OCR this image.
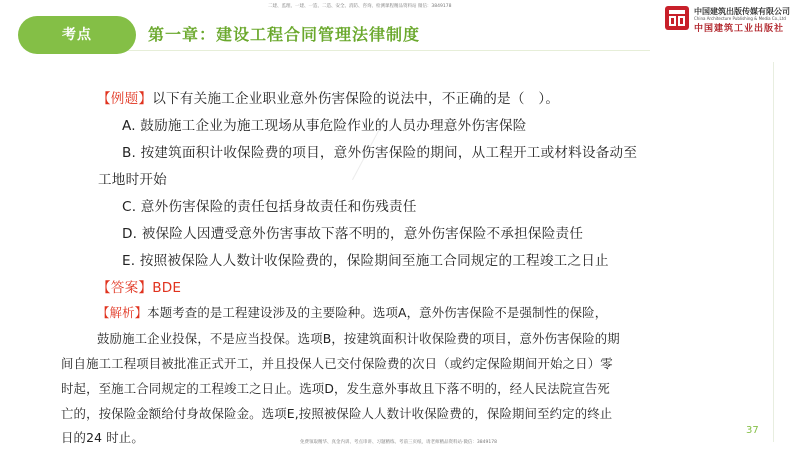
二建、监理、一建、一造、二造、安全、消防、咨询、检测课程精品资料站 微信：3849178
考点	第一章：建设工程合同管理法律制度
中国建筑出版传媒有限公司
China Architecture Publishing & Media Co.,Ltd
中国建筑工业出版社
【例题】以下有关施工企业职业意外伤害保险的说法中，不正确的是（　）。
A. 鼓励施工企业为施工现场从事危险作业的人员办理意外伤害保险
B. 按建筑面积计收保险费的项目，意外伤害保险的期间，从工程开工或材料设备动至
工地时开始
C. 意外伤害保险的责任包括身故责任和伤残责任
D. 被保险人因遭受意外伤害事故下落不明的，意外伤害保险不承担保险责任
E. 按照被保险人人数计收保险费的，保险期间至施工合同规定的工程竣工之日止
【答案】BDE
【解析】本题考查的是工程建设涉及的主要险种。选项A，意外伤害保险不是强制性的保险，
鼓励施工企业投保，不是应当投保。选项B，按建筑面积计收保险费的项目，意外伤害保险的期
间自施工工程项目被批准正式开工，并且投保人已交付保险费的次日（或约定保险期间开始之日）零
时起，至施工合同规定的工程竣工之日止。选项D，发生意外事故且下落不明的，经人民法院宣告死
亡的，按保险金额给付身故保险金。选项E,按照被保险人人数计收保险费的，保险期间至约定的终止
日的24 时止。	37
免费领取精华、真金内训、考点串讲、习题精练、考前三页纸，请老师精品资料站·微信：3849178
